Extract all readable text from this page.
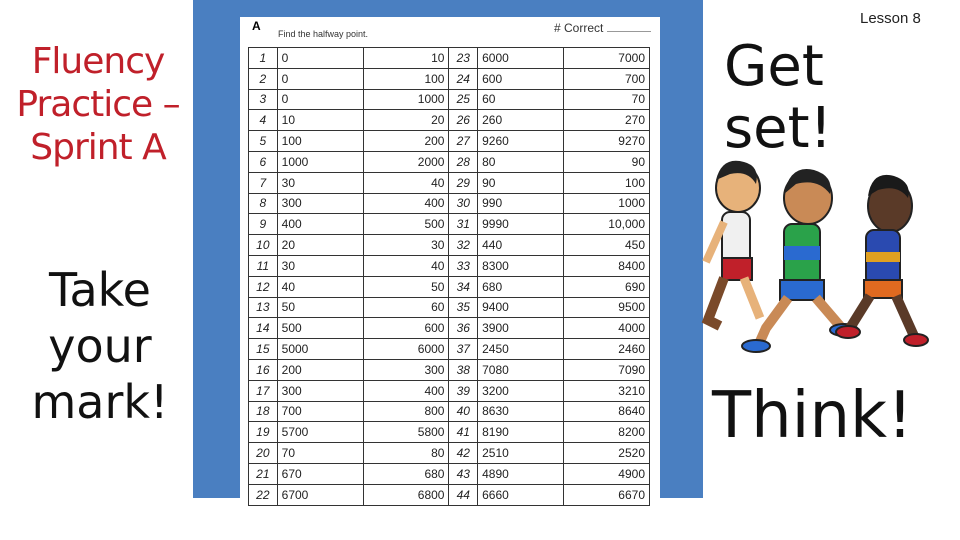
Lesson 8
Fluency Practice – Sprint A
Take your mark!
A
Find the halfway point.	# Correct
1	0	10	23	6000	7000
2	0	100	24	600	700
3	0	1000	25	60	70
4	10	20	26	260	270
5	100	200	27	9260	9270
6	1000	2000	28	80	90
7	30	40	29	90	100
8	300	400	30	990	1000
9	400	500	31	9990	10,000
10	20	30	32	440	450
11	30	40	33	8300	8400
12	40	50	34	680	690
13	50	60	35	9400	9500
14	500	600	36	3900	4000
15	5000	6000	37	2450	2460
16	200	300	38	7080	7090
17	300	400	39	3200	3210
18	700	800	40	8630	8640
19	5700	5800	41	8190	8200
20	70	80	42	2510	2520
21	670	680	43	4890	4900
22	6700	6800	44	6660	6670
Get set!
Think!
